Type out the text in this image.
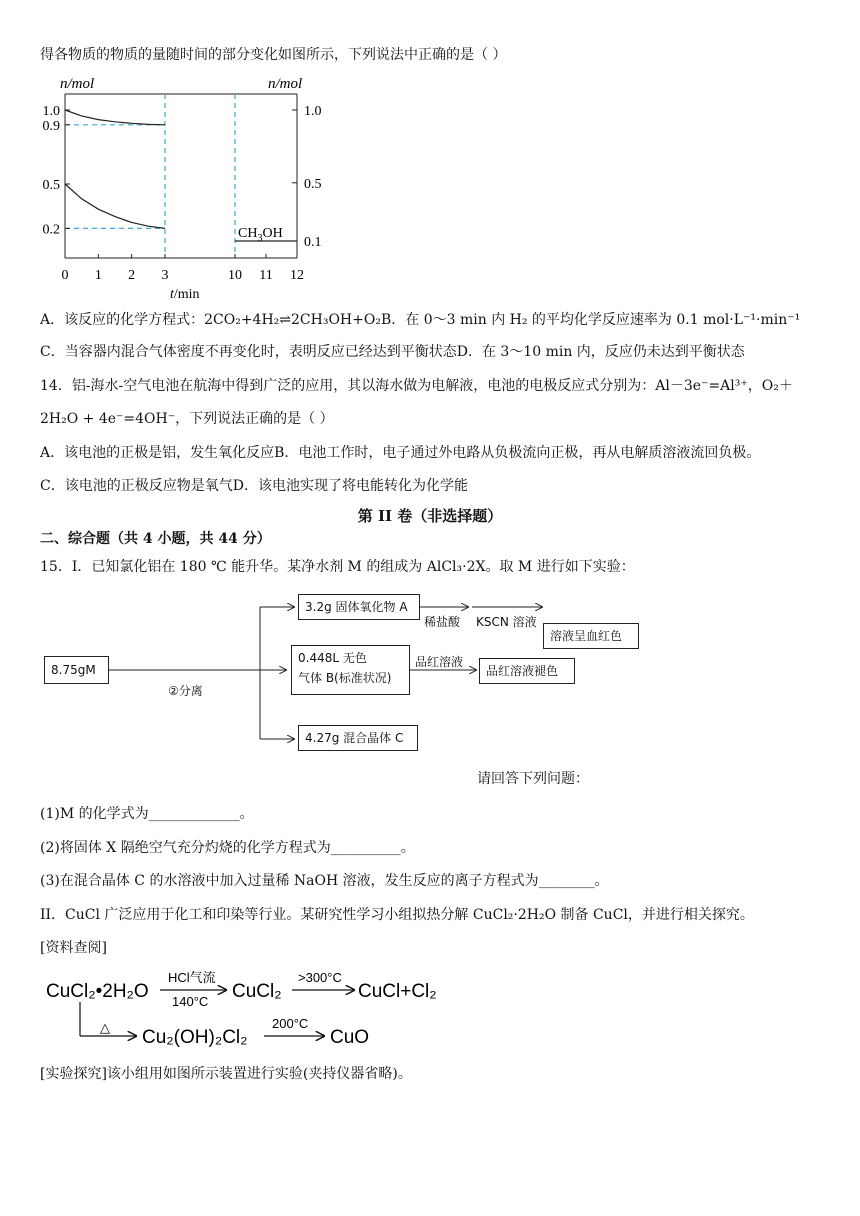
得各物质的物质的量随时间的部分变化如图所示，下列说法中正确的是（ ）
n/mol	n/mol
0 1 2 3	10 11 12
1.0
0.9
0.5
0.2
1.0
0.5
0.1
$CH_3OH$
t/min
A．该反应的化学方程式：2CO₂+4H₂⇌2CH₃OH+O₂B．在 0～3 min 内 H₂ 的平均化学反应速率为 0.1 mol·L⁻¹·min⁻¹
C．当容器内混合气体密度不再变化时，表明反应已经达到平衡状态D．在 3～10 min 内，反应仍未达到平衡状态
14．铝-海水-空气电池在航海中得到广泛的应用，其以海水做为电解液，电池的电极反应式分别为：Al－3e⁻=Al³⁺，O₂＋
2H₂O + 4e⁻=4OH⁻，下列说法正确的是（ ）
A．该电池的正极是铝，发生氧化反应B．电池工作时，电子通过外电路从负极流向正极，再从电解质溶液流回负极。
C．该电池的正极反应物是氧气D．该电池实现了将电能转化为化学能
第 II 卷（非选择题）
二、综合题（共 4 小题，共 44 分）
15．I．已知氯化铝在 180 ℃ 能升华。某净水剂 M 的组成为 AlCl₃·2X。取 M 进行如下实验：
8.75gM
②分离
3.2g 固体氧化物 A
稀盐酸 KSCN 溶液
溶液呈血红色
0.448L 无色
气体 B(标准状况)
品红溶液
品红溶液褪色
4.27g 混合晶体 C
请回答下列问题：
(1)M 的化学式为_____________。
(2)将固体 X 隔绝空气充分灼烧的化学方程式为__________。
(3)在混合晶体 C 的水溶液中加入过量稀 NaOH 溶液，发生反应的离子方程式为________。
II．CuCl 广泛应用于化工和印染等行业。某研究性学习小组拟热分解 CuCl₂·2H₂O 制备 CuCl，并进行相关探究。
[资料查阅]
CuCl₂•2H₂O
HCl气流
140°C CuCl₂
>300°C
CuCl+Cl₂
△ Cu₂(OH)₂Cl₂
200°C
CuO
[实验探究]该小组用如图所示装置进行实验(夹持仪器省略)。
